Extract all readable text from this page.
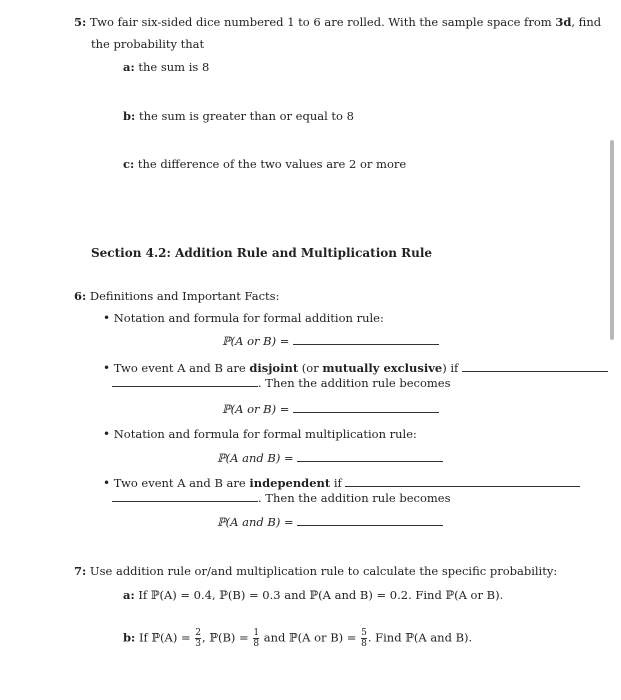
5: Two fair six-sided dice numbered 1 to 6 are rolled. With the sample space from 3d, find
the probability that
a: the sum is 8
b: the sum is greater than or equal to 8
c: the difference of the two values are 2 or more
Section 4.2: Addition Rule and Multiplication Rule
6: Definitions and Important Facts:
• Notation and formula for formal addition rule:
ℙ(A or B) =
• Two event A and B are disjoint (or mutually exclusive) if
. Then the addition rule becomes
ℙ(A or B) =
• Notation and formula for formal multiplication rule:
ℙ(A and B) =
• Two event A and B are independent if
. Then the addition rule becomes
ℙ(A and B) =
7: Use addition rule or/and multiplication rule to calculate the specific probability:
a: If ℙ(A) = 0.4, ℙ(B) = 0.3 and ℙ(A and B) = 0.2. Find ℙ(A or B).
b: If ℙ(A) = $\frac{2}{3}$ , ℙ(B) = $\frac{1}{8}$ and ℙ(A or $B) = \frac{5}{8}$ . Find ℙ(A and B).
